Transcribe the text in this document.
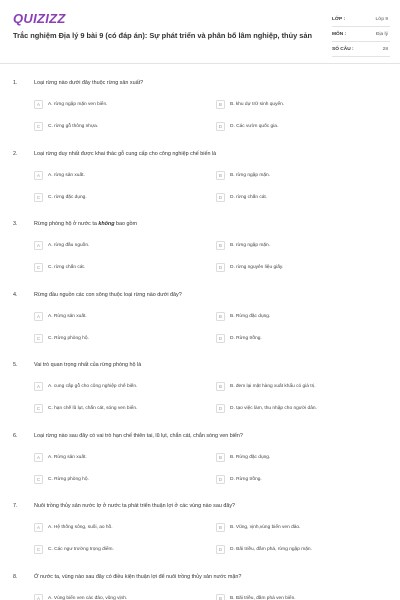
QUIZIZZ
Trắc nghiệm Địa lý 9 bài 9 (có đáp án): Sự phát triển và phân bố lâm nghiệp, thủy sản
LỚP :	Lớp 9
MÔN :	Địa lý
SỐ CÂU :	28
1.	Loại rừng nào dưới đây thuộc rừng sản xuất?
A	A. rừng ngập mặn ven biển.	B	B. khu dự trữ sinh quyển.
C	C. rừng gỗ thông nhựa.	D	D. Các vườn quốc gia.
2.	Loại rừng duy nhất được khai thác gỗ cung cấp cho công nghiệp chế biến là
A	A. rừng sản xuất.	B	B. rừng ngập mặn.
C	C. rừng đặc dụng.	D	D. rừng chắn cát.
3.	Rừng phòng hộ ở nước ta không bao gồm
A	A. rừng đầu nguồn.	B	B. rừng ngập mặn.
C	C. rừng chắn cát.	D	D. rừng nguyên liệu giấy.
4.	Rừng đầu nguồn các con sông thuộc loại rừng nào dưới đây?
A	A. Rừng sản xuất.	B	B. Rừng đặc dụng.
C	C. Rừng phòng hộ.	D	D. Rừng trồng.
5.	Vai trò quan trọng nhất của rừng phòng hộ là
A	A. cung cấp gỗ cho công nghiệp chế biến.	B	B. đem lại mặt hàng xuất khẩu có giá trị.
C	C. hạn chế lũ lụt, chắn cát, sóng ven biển.	D	D. tạo việc làm, thu nhập cho người dân.
6.	Loại rừng nào sau đây có vai trò hạn chế thiên tai, lũ lụt, chắn cát, chắn sóng ven biển?
A	A. Rừng sản xuất.	B	B. Rừng đặc dụng.
C	C. Rừng phòng hộ.	D	D. Rừng trồng.
7.	Nuôi trồng thủy sản nước lợ ở nước ta phát triển thuận lợi ở các vùng nào sau đây?
A	A. Hệ thống sông, suối, ao hồ.	B	B. Vũng, vịnh,vùng biển ven đảo.
C	C. Các ngư trường trọng điểm.	D	D. Bãi triều, đầm phá, rừng ngập mặn.
8.	Ở nước ta, vùng nào sau đây có điều kiện thuận lợi để nuôi trồng thủy sản nước mặn?
A	A. Vùng biển ven các đảo, vũng vịnh.	B	B. Bãi triều, đầm phá ven biển.
